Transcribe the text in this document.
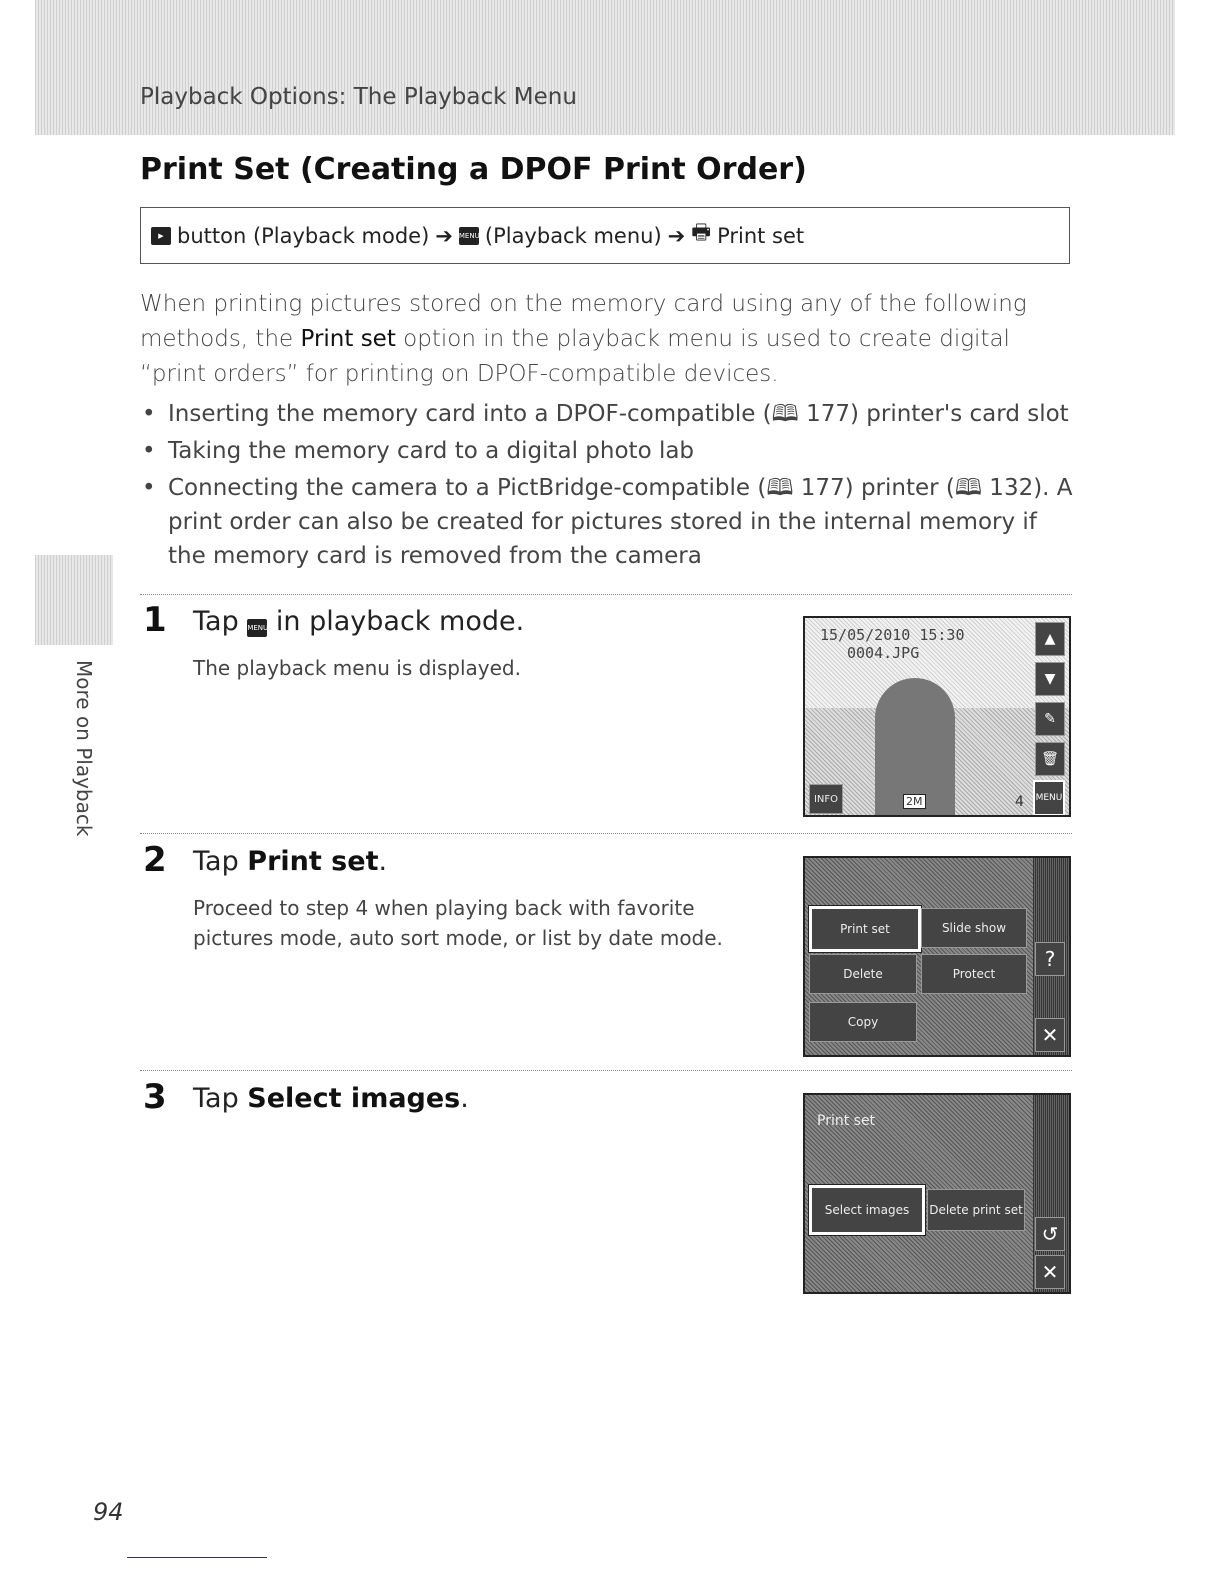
Playback Options: The Playback Menu
Print Set (Creating a DPOF Print Order)
▶ button (Playback mode) ➔ MENU (Playback menu) ➔ 🖶 Print set
When printing pictures stored on the memory card using any of the following methods, the Print set option in the playback menu is used to create digital “print orders” for printing on DPOF-compatible devices.
• Inserting the memory card into a DPOF-compatible (🕮 177) printer's card slot
• Taking the memory card to a digital photo lab
• Connecting the camera to a PictBridge-compatible (🕮 177) printer (🕮 132). A print order can also be created for pictures stored in the internal memory if the memory card is removed from the camera
1 Tap MENU in playback mode.
The playback menu is displayed.
15/05/2010 15:30
0004.JPG
▲
▼
✎
🗑
MENU
INFO	2M	4
2 Tap Print set.
Proceed to step 4 when playing back with favorite pictures mode, auto sort mode, or list by date mode.	Print set	Slide show
Delete	Protect
Copy
?
✕
3 Tap Select images.
Print set
Select images	Delete print set
↺
✕
More on Playback
94
